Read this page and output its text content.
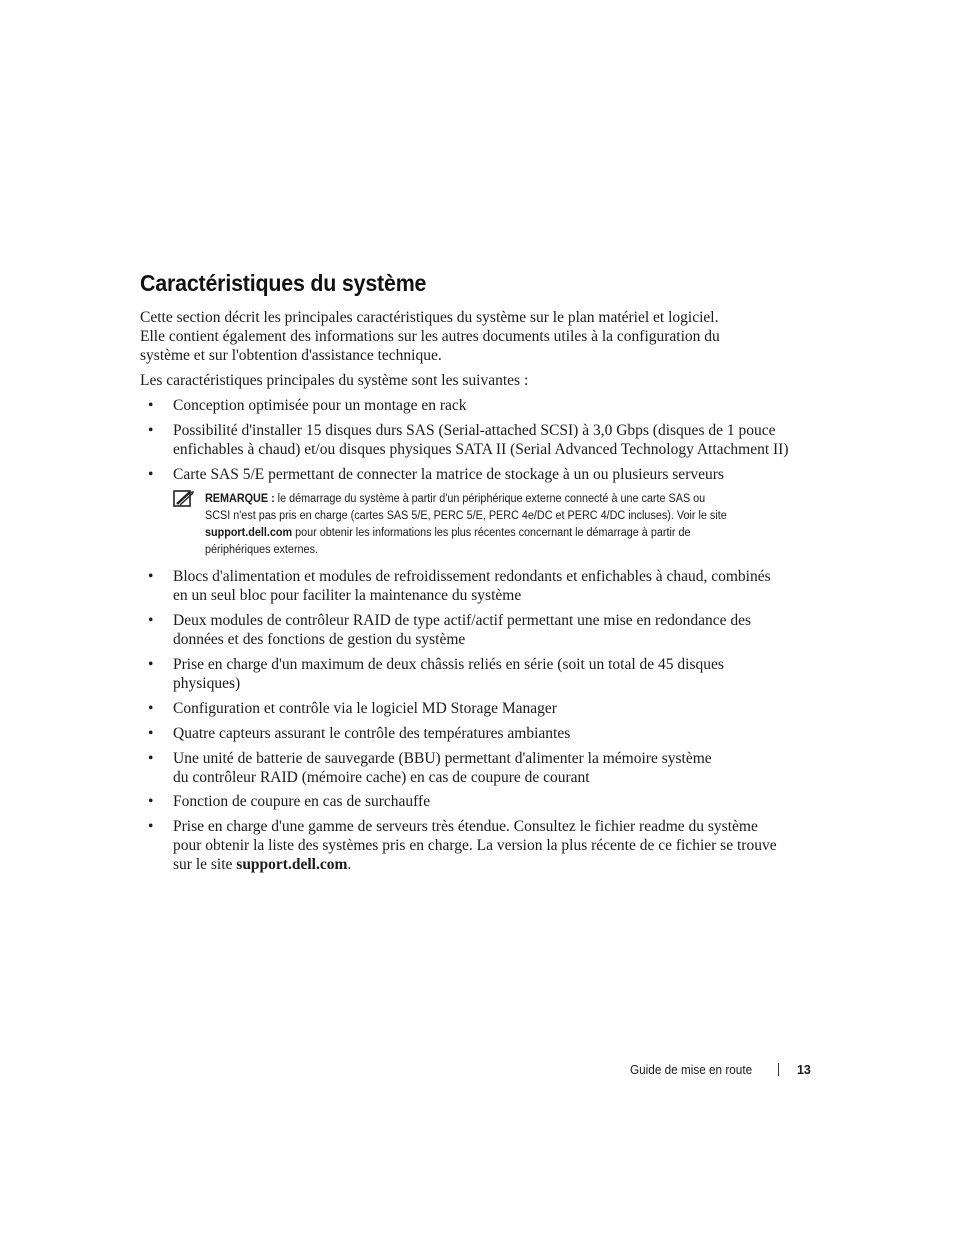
Caractéristiques du système

Cette section décrit les principales caractéristiques du système sur le plan matériel et logiciel.
Elle contient également des informations sur les autres documents utiles à la configuration du
système et sur l'obtention d'assistance technique.

Les caractéristiques principales du système sont les suivantes :

• Conception optimisée pour un montage en rack
• Possibilité d'installer 15 disques durs SAS (Serial-attached SCSI) à 3,0 Gbps (disques de 1 pouce
enfichables à chaud) et/ou disques physiques SATA II (Serial Advanced Technology Attachment II)
• Carte SAS 5/E permettant de connecter la matrice de stockage à un ou plusieurs serveurs
REMARQUE : le démarrage du système à partir d'un périphérique externe connecté à une carte SAS ou
SCSI n'est pas pris en charge (cartes SAS 5/E, PERC 5/E, PERC 4e/DC et PERC 4/DC incluses). Voir le site
support.dell.com pour obtenir les informations les plus récentes concernant le démarrage à partir de
périphériques externes.
• Blocs d'alimentation et modules de refroidissement redondants et enfichables à chaud, combinés
en un seul bloc pour faciliter la maintenance du système
• Deux modules de contrôleur RAID de type actif/actif permettant une mise en redondance des
données et des fonctions de gestion du système
• Prise en charge d'un maximum de deux châssis reliés en série (soit un total de 45 disques
physiques)
• Configuration et contrôle via le logiciel MD Storage Manager
• Quatre capteurs assurant le contrôle des températures ambiantes
• Une unité de batterie de sauvegarde (BBU) permettant d'alimenter la mémoire système
du contrôleur RAID (mémoire cache) en cas de coupure de courant
• Fonction de coupure en cas de surchauffe
• Prise en charge d'une gamme de serveurs très étendue. Consultez le fichier readme du système
pour obtenir la liste des systèmes pris en charge. La version la plus récente de ce fichier se trouve
sur le site support.dell.com.
Guide de mise en route	13
